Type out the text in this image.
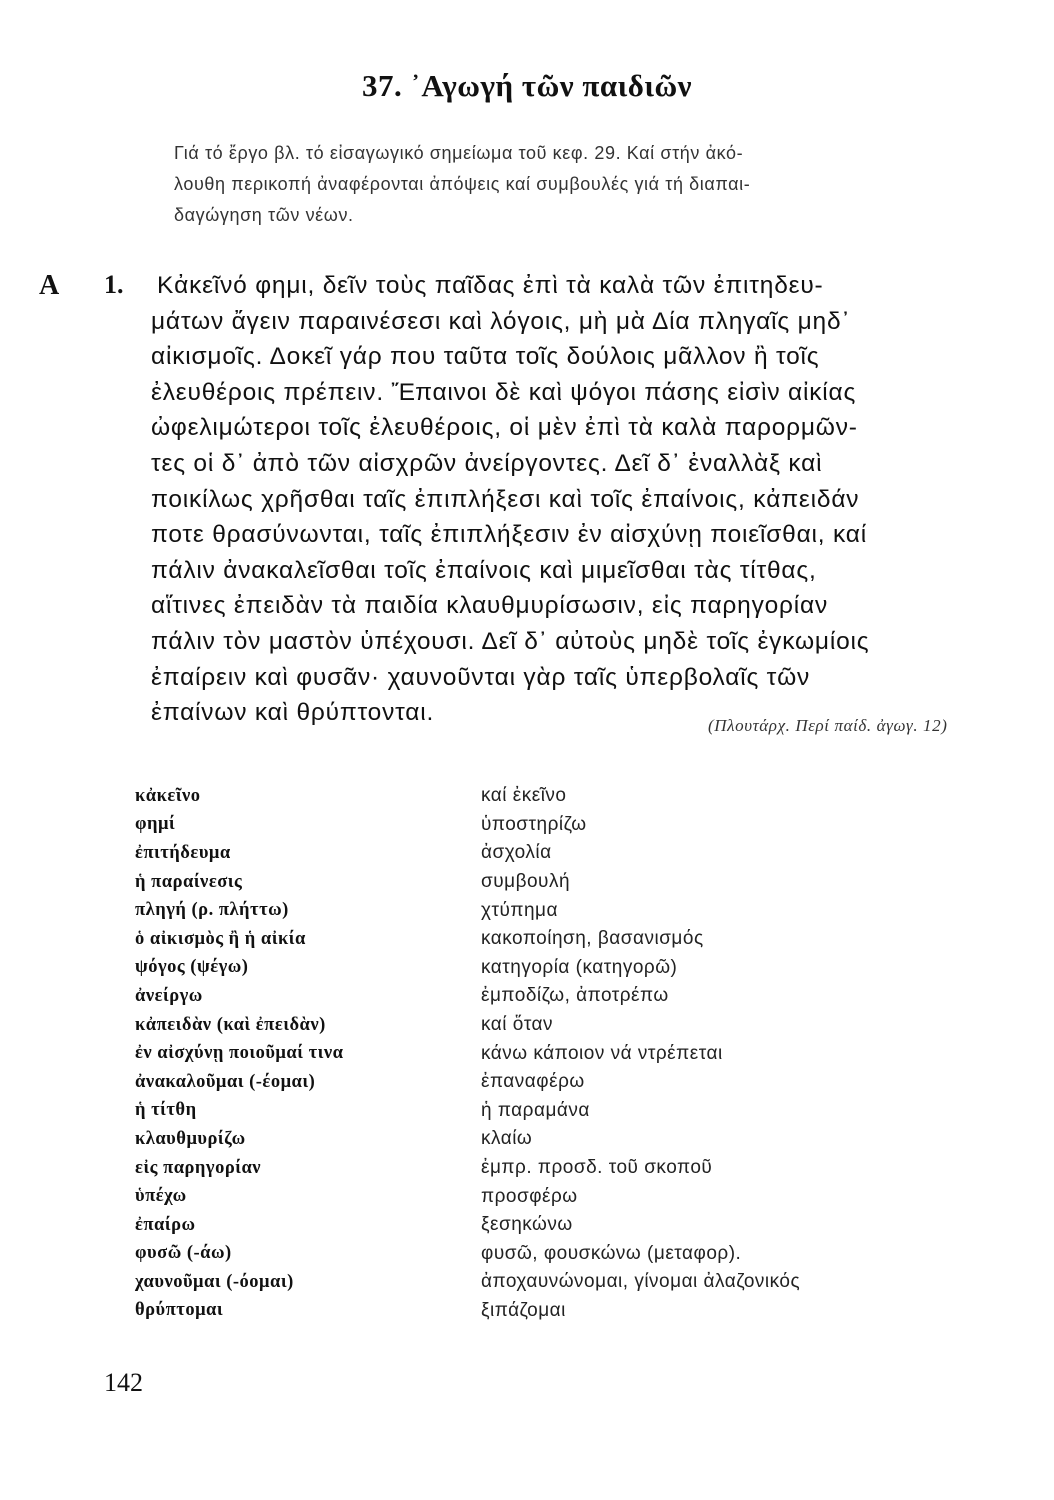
37. ᾿Αγωγή τῶν παιδιῶν
Γιά τό ἔργο βλ. τό εἰσαγωγικό σημείωμα τοῦ κεφ. 29. Καί στήν ἀκό-
λουθη περικοπή ἀναφέρονται ἀπόψεις καί συμβουλές γιά τή διαπαι-
δαγώγηση τῶν νέων.
A 1. Κἀκεῖνό φημι, δεῖν τοὺς παῖδας ἐπὶ τὰ καλὰ τῶν ἐπιτηδευ-
μάτων ἄγειν παραινέσεσι καὶ λόγοις, μὴ μὰ Δία πληγαῖς μηδ᾿
αἰκισμοῖς. Δοκεῖ γάρ που ταῦτα τοῖς δούλοις μᾶλλον ἢ τοῖς
ἐλευθέροις πρέπειν. Ἔπαινοι δὲ καὶ ψόγοι πάσης εἰσὶν αἰκίας
ὠφελιμώτεροι τοῖς ἐλευθέροις, οἱ μὲν ἐπὶ τὰ καλὰ παρορμῶν-
τες οἱ δ᾿ ἀπὸ τῶν αἰσχρῶν ἀνείργοντες. Δεῖ δ᾿ ἐναλλὰξ καὶ
ποικίλως χρῆσθαι ταῖς ἐπιπλήξεσι καὶ τοῖς ἐπαίνοις, κἀπειδάν
ποτε θρασύνωνται, ταῖς ἐπιπλήξεσιν ἐν αἰσχύνῃ ποιεῖσθαι, καί
πάλιν ἀνακαλεῖσθαι τοῖς ἐπαίνοις καὶ μιμεῖσθαι τὰς τίτθας,
αἵτινες ἐπειδὰν τὰ παιδία κλαυθμυρίσωσιν, εἰς παρηγορίαν
πάλιν τὸν μαστὸν ὑπέχουσι. Δεῖ δ᾿ αὐτοὺς μηδὲ τοῖς ἐγκωμίοις
ἐπαίρειν καὶ φυσᾶν· χαυνοῦνται γὰρ ταῖς ὑπερβολαῖς τῶν
ἐπαίνων καὶ θρύπτονται.	(Πλουτάρχ. Περί παίδ. ἀγωγ. 12)
κἀκεῖνο	καί ἐκεῖνο
φημί	ὑποστηρίζω
ἐπιτήδευμα	ἀσχολία
ἡ παραίνεσις	συμβουλή
πληγή (ρ. πλήττω)	χτύπημα
ὁ αἰκισμὸς ἢ ἡ αἰκία	κακοποίηση, βασανισμός
ψόγος (ψέγω)	κατηγορία (κατηγορῶ)
ἀνείργω	ἐμποδίζω, ἀποτρέπω
κἀπειδὰν (καὶ ἐπειδὰν)	καί ὅταν
ἐν αἰσχύνῃ ποιοῦμαί τινα	κάνω κάποιον νά ντρέπεται
ἀνακαλοῦμαι (-έομαι)	ἐπαναφέρω
ἡ τίτθη	ἡ παραμάνα
κλαυθμυρίζω	κλαίω
εἰς παρηγορίαν	ἐμπρ. προσδ. τοῦ σκοποῦ
ὑπέχω	προσφέρω
ἐπαίρω	ξεσηκώνω
φυσῶ (-άω)	φυσῶ, φουσκώνω (μεταφορ).
χαυνοῦμαι (-όομαι)	ἀποχαυνώνομαι, γίνομαι ἀλαζονικός
θρύπτομαι	ξιπάζομαι
142
